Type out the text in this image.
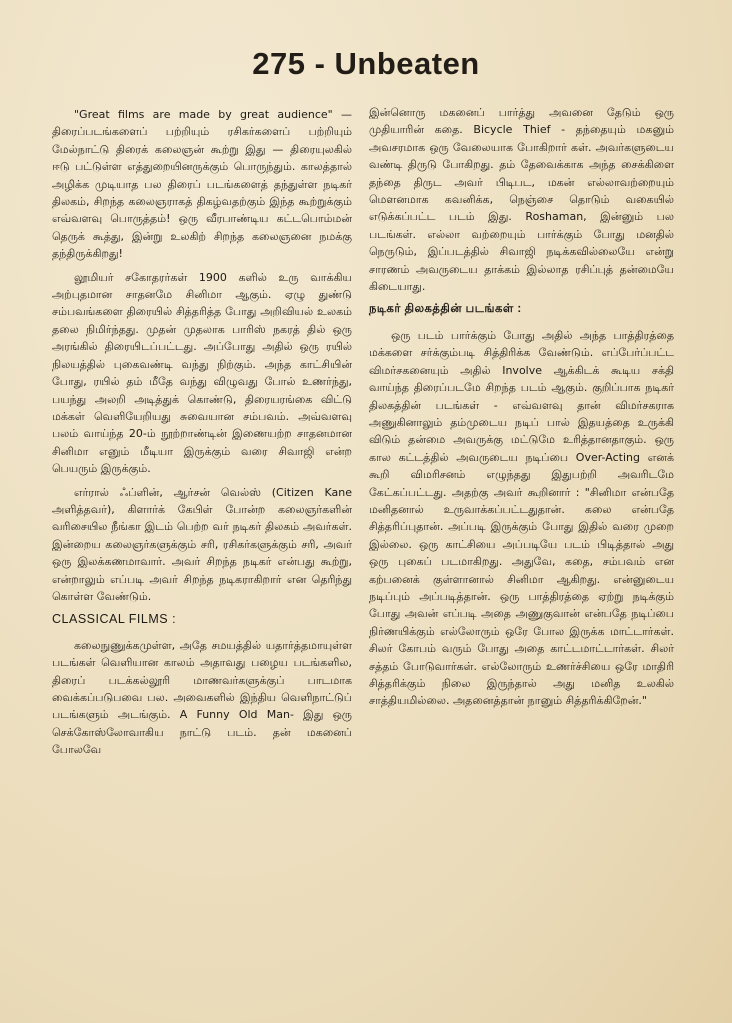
275 - Unbeaten

"Great films are made by great audience" — திரைப்படங்களைப் பற்றியும் ரசிகர்களைப் பற்றியும் மேல்நாட்டு திரைக் கலைஞன் கூற்று இது — திரையுலகில் ஈடு பட்டுள்ள எத்துறையினருக்கும் பொருந்தும். காலத்தால் அழிக்க முடியாத பல திரைப் படங்களைத் தந்துள்ள நடிகர் திலகம், சிறந்த கலைஞராகத் திகழ்வதற்கும் இந்த கூற்றுக்கும் எவ்வளவு பொருத்தம்! ஒரு வீரபாண்டிய கட்டபொம்மன் தெருக் கூத்து, இன்று உலகிற் சிறந்த கலைஞனை நமக்கு தந்திருக்கிறது!

லூமியர் சகோதரர்கள் 1900 களில் உரு வாக்கிய அற்புதமான சாதனமே சினிமா ஆகும். ஏழு துண்டு சம்பவங்களை திரையில் சித்தரித்த போது அறிவியல் உலகம் தலை நிமிர்ந்தது. முதன் முதலாக பாரிஸ் நகரத் தில் ஒரு அரங்கில் திரையிடப்பட்டது. அப்போது அதில் ஒரு ரயில் நிலயத்தில் புகைவண்டி வந்து நிற்கும். அந்த காட்சியின் போது, ரயில் தம் மீதே வந்து விழுவது போல் உணர்ந்து, பயந்து அலறி அடித்துக் கொண்டு, திரையரங்கை விட்டு மக்கள் வெளியேறியது சுவையான சம்பவம். அவ்வளவு பலம் வாய்ந்த 20-ம் நூற்றாண்டின் இணையற்ற சாதனமான சினிமா எனும் மீடியா இருக்கும் வரை சிவாஜி என்ற பெயரும் இருக்கும்.

எர்ரால் ஃப்ளின், ஆர்சன் வெல்ஸ் (Citizen Kane அளித்தவர்), கிளார்க் கேபிள் போன்ற கலைஞர்களின் வரிசையில நீங்கா இடம் பெற்ற வர் நடிகர் திலகம் அவர்கள். இன்றைய கலைஞர்களுக்கும் சரி, ரசிகர்களுக்கும் சரி, அவர் ஒரு இலக்கணமாவார். அவர் சிறந்த நடிகர் என்பது கூற்று, என்றாலும் எப்படி அவர் சிறந்த நடிகராகிறார் என தெரிந்து கொள்ள வேண்டும்.

CLASSICAL FILMS :

கலைநுணுக்கமுள்ள, அதே சமயத்தில் யதார்த்தமாயுள்ள படங்கள் வெளியான காலம் அதாவது பழைய படங்களில, திரைப் படக்கல்லூரி மாணவர்களுக்குப் பாடமாக வைக்கப்படுபவை பல. அவைகளில் இந்திய வெளிநாட்டுப் படங்களும் அடங்கும். A Funny Old Man- இது ஒரு செக்கோஸ்லோவாகிய நாட்டு படம். தன் மகனைப் போலவே

இன்னொரு மகனைப் பார்த்து அவனை தேடும் ஒரு முதியாரின் கதை. Bicycle Thief - தந்தையும் மகனும் அவசரமாக ஒரு வேலையாக போகிறார் கள். அவர்களுடைய வண்டி திருடு போகிறது. தம் தேவைக்காக அந்த சைக்கிளை தந்தை திருட அவர் பிடிபட, மகன் எல்லாவற்றையும் மௌனமாக கவனிக்க, நெஞ்சை தொடும் வகையில் எடுக்கப்பட்ட படம் இது. Roshaman, இன்னும் பல படங்கள். எல்லா வற்றையும் பார்க்கும் போது மனதில் நெருடும், இப்படத்தில் சிவாஜி நடிக்கவில்லையே என்று சாரணம் அவருடைய தாக்கம் இல்லாத ரசிப்புத் தன்மையே கிடையாது.

நடிகர் திலகத்தின் படங்கள் :

ஒரு படம் பார்க்கும் போது அதில் அந்த பாத்திரத்தை மக்களை சர்க்கும்படி சித்திரிக்க வேண்டும். எப்பேர்ப்பட்ட விமர்சகனையும் அதில் Involve ஆக்கிடக் கூடிய சக்தி வாய்ந்த திரைப்படமே சிறந்த படம் ஆகும். குறிப்பாக நடிகர் திலகத்தின் படங்கள் - எவ்வளவு தான் விமர்சகராக அணுகினாலும் தம்முடைய நடிப் பால் இதயத்தை உருக்கி விடும் தன்மை அவருக்கு மட்டுமே உரித்தானதாகும். ஒரு கால கட்டத்தில் அவருடைய நடிப்பை Over-Acting எனக் கூறி விமரிசனம் எழுந்தது இதுபற்றி அவரிடமே கேட்கப்பட்டது. அதற்கு அவர் கூறினார் : "சினிமா என்பதே மனிதனால் உருவாக்கப்பட்டதுதான். கலை என்பதே சித்தரிப்புதான். அப்படி இருக்கும் போது இதில் வரை முறை இல்லை. ஒரு காட்சியை அப்படியே படம் பிடித்தால் அது ஒரு புகைப் படமாகிறது. அதுவே, கதை, சம்பவம் என கற்பனைக் குள்ளானால் சினிமா ஆகிறது. என்னுடைய நடிப்பும் அப்படித்தான். ஒரு பாத்திரத்தை ஏற்று நடிக்கும் போது அவன் எப்படி அதை அணுகுவான் என்பதே நடிப்பை நிர்ணயிக்கும் எல்லோரும் ஒரே போல இருக்க மாட்டார்கள். சிலர் கோபம் வரும் போது அதை காட்டமாட்டார்கள். சிலர் சத்தம் போடுவார்கள். எல்லோரும் உணர்ச்சியை ஒரே மாதிரி சித்தரிக்கும் நிலை இருந்தால் அது மனித உலகில் சாத்தியமில்லை. அதனைத்தான் நானும் சித்தரிக்கிறேன்."
